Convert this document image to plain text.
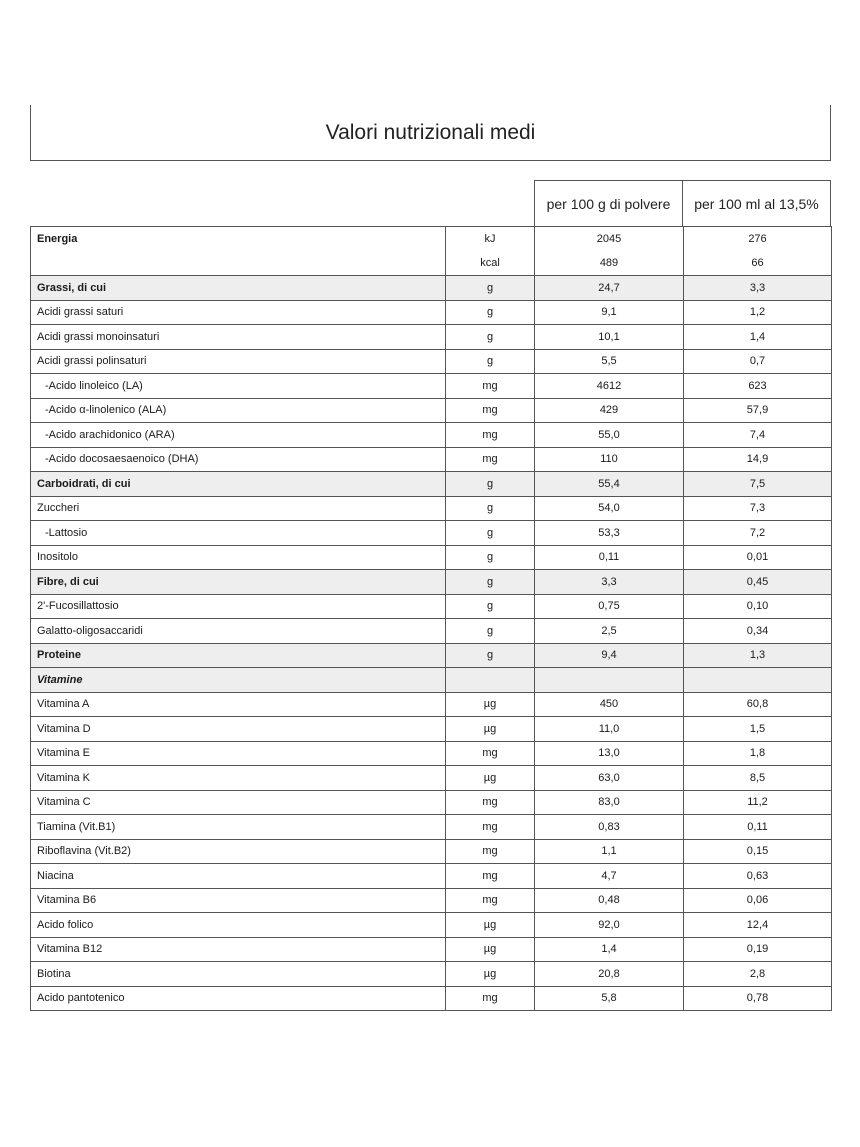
Valori nutrizionali medi
per 100 g di polvere	per 100 ml al 13,5%
Energia	kJ	2045	276
	kcal	489	66
Grassi, di cui	g	24,7	3,3
Acidi grassi saturi	g	9,1	1,2
Acidi grassi monoinsaturi	g	10,1	1,4
Acidi grassi polinsaturi	g	5,5	0,7
-Acido linoleico (LA)	mg	4612	623
-Acido α-linolenico (ALA)	mg	429	57,9
-Acido arachidonico (ARA)	mg	55,0	7,4
-Acido docosaesaenoico (DHA)	mg	110	14,9
Carboidrati, di cui	g	55,4	7,5
Zuccheri	g	54,0	7,3
-Lattosio	g	53,3	7,2
Inositolo	g	0,11	0,01
Fibre, di cui	g	3,3	0,45
2'-Fucosillattosio	g	0,75	0,10
Galatto-oligosaccaridi	g	2,5	0,34
Proteine	g	9,4	1,3
Vitamine			
Vitamina A	µg	450	60,8
Vitamina D	µg	11,0	1,5
Vitamina E	mg	13,0	1,8
Vitamina K	µg	63,0	8,5
Vitamina C	mg	83,0	11,2
Tiamina (Vit.B1)	mg	0,83	0,11
Riboflavina (Vit.B2)	mg	1,1	0,15
Niacina	mg	4,7	0,63
Vitamina B6	mg	0,48	0,06
Acido folico	µg	92,0	12,4
Vitamina B12	µg	1,4	0,19
Biotina	µg	20,8	2,8
Acido pantotenico	mg	5,8	0,78
